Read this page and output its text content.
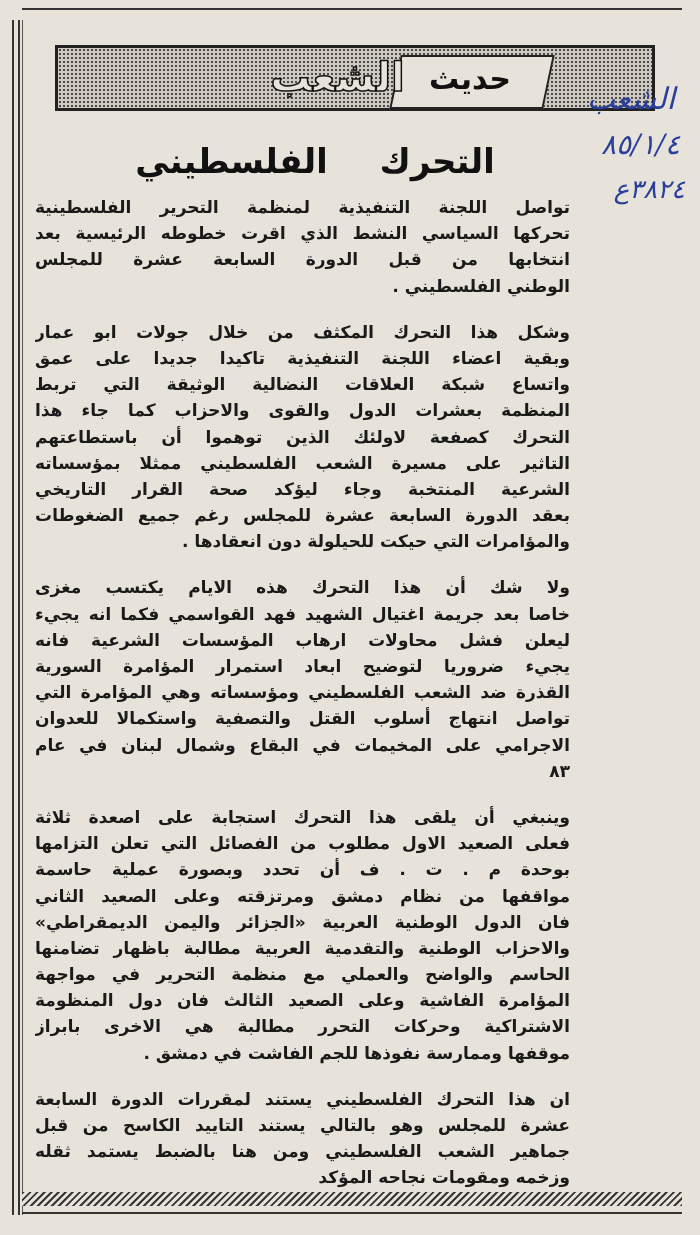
حديث
الشعب	الشعب
٨٥/١/٤
٣٨٢٤ع
التحرك الفلسطيني
تواصل اللجنة التنفيذية لمنظمة التحرير الفلسطينية
تحركها السياسي النشط الذي اقرت خطوطه الرئيسية بعد
انتخابها من قبل الدورة السابعة عشرة للمجلس
الوطني الفلسطيني .
وشكل هذا التحرك المكثف من خلال جولات ابو عمار
وبقية اعضاء اللجنة التنفيذية تاكيدا جديدا على عمق
واتساع شبكة العلاقات النضالية الوثيقة التي تربط
المنظمة بعشرات الدول والقوى والاحزاب كما جاء هذا
التحرك كصفعة لاولئك الذين توهموا أن باستطاعتهم
التاثير على مسيرة الشعب الفلسطيني ممثلا بمؤسساته
الشرعية المنتخبة وجاء ليؤكد صحة القرار التاريخي
بعقد الدورة السابعة عشرة للمجلس رغم جميع الضغوطات
والمؤامرات التي حيكت للحيلولة دون انعقادها .
ولا شك أن هذا التحرك هذه الايام يكتسب مغزى
خاصا بعد جريمة اغتيال الشهيد فهد القواسمي فكما انه يجيء
ليعلن فشل محاولات ارهاب المؤسسات الشرعية فانه
يجيء ضروريا لتوضيح ابعاد استمرار المؤامرة السورية
القذرة ضد الشعب الفلسطيني ومؤسساته وهي المؤامرة التي
تواصل انتهاج أسلوب القتل والتصفية واستكمالا للعدوان
الاجرامي على المخيمات في البقاع وشمال لبنان في عام
٨٣
وينبغي أن يلقى هذا التحرك استجابة على اصعدة ثلاثة
فعلى الصعيد الاول مطلوب من الفصائل التي تعلن التزامها
بوحدة م . ت . ف أن تحدد وبصورة عملية حاسمة
مواقفها من نظام دمشق ومرتزقته وعلى الصعيد الثاني
فان الدول الوطنية العربية «الجزائر واليمن الديمقراطي»
والاحزاب الوطنية والتقدمية العربية مطالبة باظهار تضامنها
الحاسم والواضح والعملي مع منظمة التحرير في مواجهة
المؤامرة الفاشية وعلى الصعيد الثالث فان دول المنظومة
الاشتراكية وحركات التحرر مطالبة هي الاخرى بابراز
موقفها وممارسة نفوذها للجم الفاشت في دمشق .
ان هذا التحرك الفلسطيني يستند لمقررات الدورة السابعة
عشرة للمجلس وهو بالتالي يستند التاييد الكاسح من قبل
جماهير الشعب الفلسطيني ومن هنا بالضبط يستمد ثقله
وزخمه ومقومات نجاحه المؤكد
